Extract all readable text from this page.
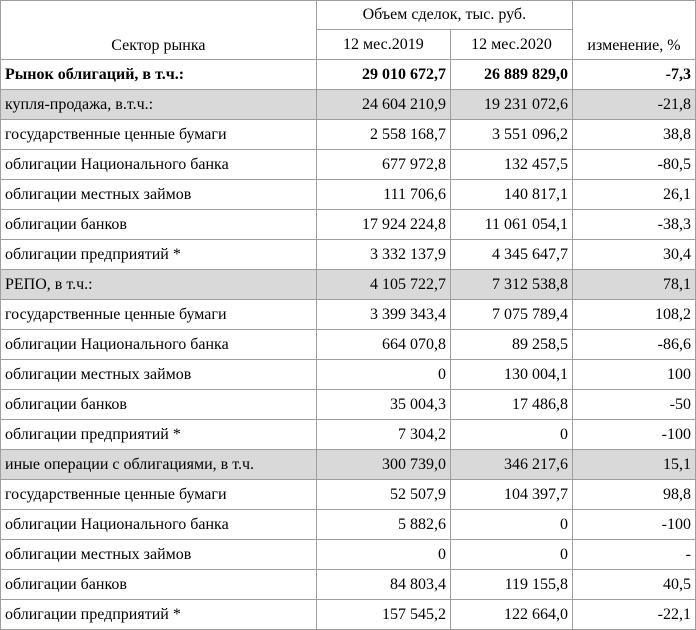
Сектор рынка	Объем сделок, тыс. руб.		изменение, %
	12 мес.2019	12 мес.2020	
Рынок облигаций, в т.ч.:	29 010 672,7	26 889 829,0	-7,3
купля-продажа, в.т.ч.:	24 604 210,9	19 231 072,6	-21,8
государственные ценные бумаги	2 558 168,7	3 551 096,2	38,8
облигации Национального банка	677 972,8	132 457,5	-80,5
облигации местных займов	111 706,6	140 817,1	26,1
облигации банков	17 924 224,8	11 061 054,1	-38,3
облигации предприятий *	3 332 137,9	4 345 647,7	30,4
РЕПО, в т.ч.:	4 105 722,7	7 312 538,8	78,1
государственные ценные бумаги	3 399 343,4	7 075 789,4	108,2
облигации Национального банка	664 070,8	89 258,5	-86,6
облигации местных займов	0	130 004,1	100
облигации банков	35 004,3	17 486,8	-50
облигации предприятий *	7 304,2	0	-100
иные операции с облигациями, в т.ч.	300 739,0	346 217,6	15,1
государственные ценные бумаги	52 507,9	104 397,7	98,8
облигации Национального банка	5 882,6	0	-100
облигации местных займов	0	0	-
облигации банков	84 803,4	119 155,8	40,5
облигации предприятий *	157 545,2	122 664,0	-22,1
